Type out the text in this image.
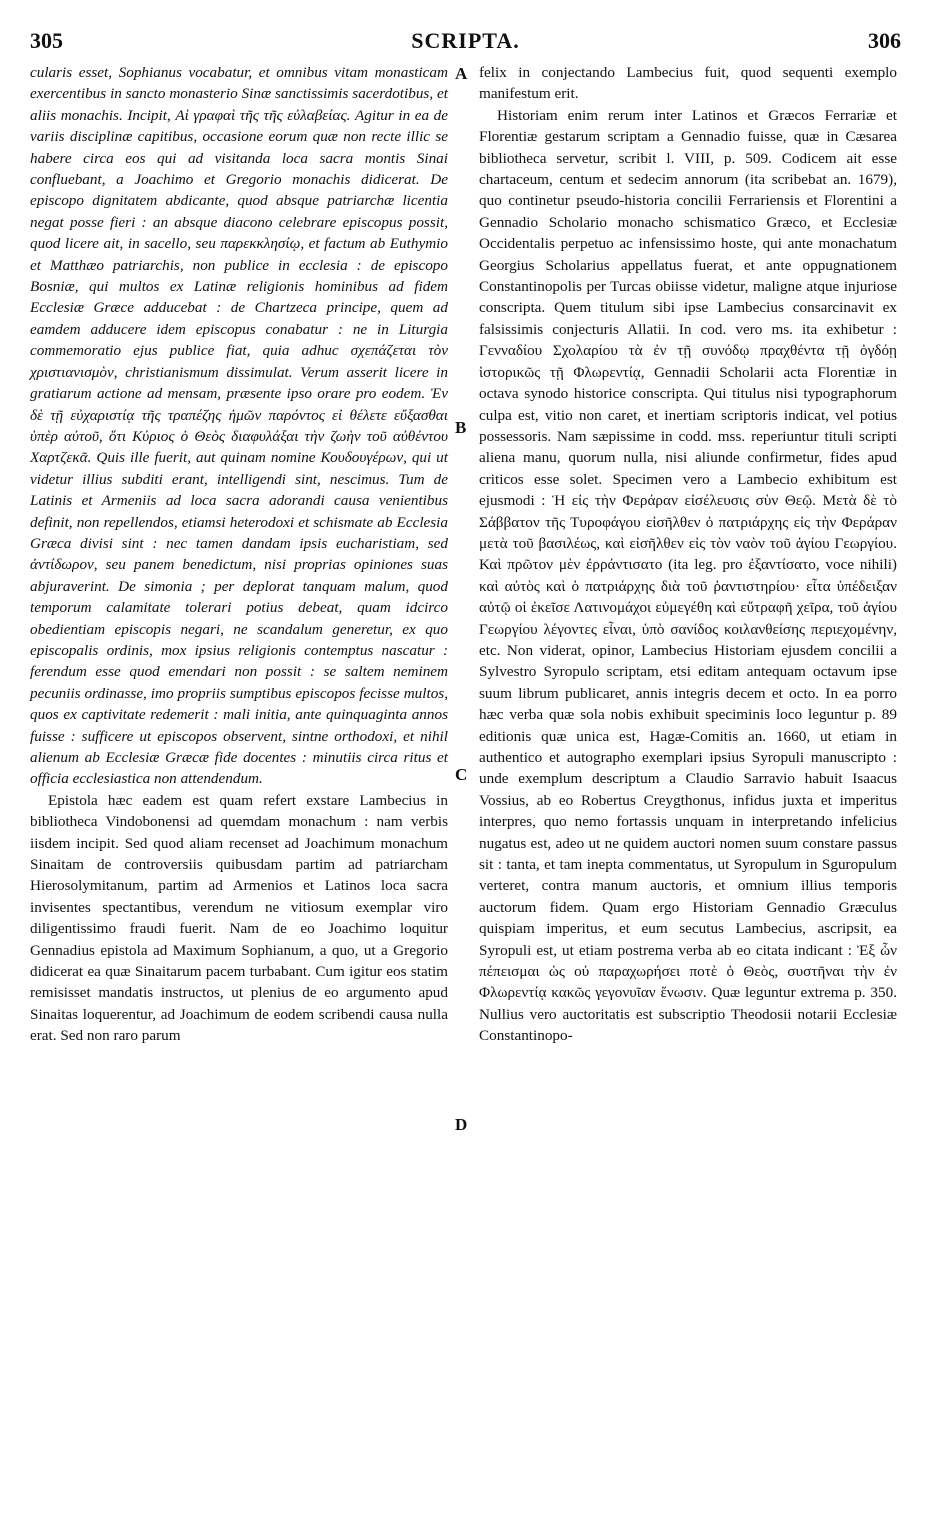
305	SCRIPTA.	306

cularis esset, Sophianus vocabatur, et omnibus vitam monasticam exercentibus in sancto monasterio Sinæ sanctissimis sacerdotibus, et aliis monachis. Incipit, Αἱ γραφαὶ τῆς τῆς εὐλαβείας. Agitur in ea de variis disciplinæ capitibus, occasione eorum quæ non recte illic se habere circa eos qui ad visitanda loca sacra montis Sinai confluebant, a Joachimo et Gregorio monachis didicerat. De episcopo dignitatem abdicante, quod absque patriarchæ licentia negat posse fieri : an absque diacono celebrare episcopus possit, quod licere ait, in sacello, seu παρεκκλησίῳ, et factum ab Euthymio et Matthæo patriarchis, non publice in ecclesia : de episcopo Bosniæ, qui multos ex Latinæ religionis hominibus ad fidem Ecclesiæ Græce adducebat : de Chartzeca principe, quem ad eamdem adducere idem episcopus conabatur : ne in Liturgia commemoratio ejus publice fiat, quia adhuc σχεπάζεται τὸν χριστιανισμὸν, christianismum dissimulat. Verum asserit licere in gratiarum actione ad mensam, præsente ipso orare pro eodem. Ἐν δὲ τῇ εὐχαριστίᾳ τῆς τραπέζης ἡμῶν παρόντος εἰ θέλετε εὔξασθαι ὑπὲρ αὐτοῦ, ὅτι Κύριος ὁ Θεὸς διαφυλάξαι τὴν ζωὴν τοῦ αὐθέντου Χαρτζεκᾶ. Quis ille fuerit, aut quinam nomine Κουδουγέρων, qui ut videtur illius subditi erant, intelligendi sint, nescimus. Tum de Latinis et Armeniis ad loca sacra adorandi causa venientibus definit, non repellendos, etiamsi heterodoxi et schismate ab Ecclesia Græca divisi sint : nec tamen dandam ipsis eucharistiam, sed ἀντίδωρον, seu panem benedictum, nisi proprias opiniones suas abjuraverint. De simonia ; per deplorat tanquam malum, quod temporum calamitate tolerari potius debeat, quam idcirco obedientiam episcopis negari, ne scandalum generetur, ex quo episcopalis ordinis, mox ipsius religionis contemptus nascatur : ferendum esse quod emendari non possit : se saltem neminem pecuniis ordinasse, imo propriis sumptibus episcopos fecisse multos, quos ex captivitate redemerit : mali initia, ante quinquaginta annos fuisse : sufficere ut episcopos observent, sintne orthodoxi, et nihil alienum ab Ecclesiæ Græcæ fide docentes : minutiis circa ritus et officia ecclesiastica non attendendum.

Epistola hæc eadem est quam refert exstare Lambecius in bibliotheca Vindobonensi ad quemdam monachum : nam verbis iisdem incipit. Sed quod aliam recenset ad Joachimum monachum Sinaitam de controversiis quibusdam partim ad patriarcham Hierosolymitanum, partim ad Armenios et Latinos loca sacra invisentes spectantibus, verendum ne vitiosum exemplar viro diligentissimo fraudi fuerit. Nam de eo Joachimo loquitur Gennadius epistola ad Maximum Sophianum, a quo, ut a Gregorio didicerat ea quæ Sinaitarum pacem turbabant. Cum igitur eos statim remisisset mandatis instructos, ut plenius de eo argumento apud Sinaitas loquerentur, ad Joachimum de eodem scribendi causa nulla erat. Sed non raro parum

A
B
C
D

felix in conjectando Lambecius fuit, quod sequenti exemplo manifestum erit.

Historiam enim rerum inter Latinos et Græcos Ferrariæ et Florentiæ gestarum scriptam a Gennadio fuisse, quæ in Cæsarea bibliotheca servetur, scribit l. VIII, p. 509. Codicem ait esse chartaceum, centum et sedecim annorum (ita scribebat an. 1679), quo continetur pseudo-historia concilii Ferrariensis et Florentini a Gennadio Scholario monacho schismatico Græco, et Ecclesiæ Occidentalis perpetuo ac infensissimo hoste, qui ante monachatum Georgius Scholarius appellatus fuerat, et ante oppugnationem Constantinopolis per Turcas obiisse videtur, maligne atque injuriose conscripta. Quem titulum sibi ipse Lambecius consarcinavit ex falsissimis conjecturis Allatii. In cod. vero ms. ita exhibetur : Γενναδίου Σχολαρίου τὰ ἐν τῇ συνόδῳ πραχθέντα τῇ ὀγδόῃ ἱστορικῶς τῇ Φλωρεντίᾳ, Gennadii Scholarii acta Florentiæ in octava synodo historice conscripta. Qui titulus nisi typographorum culpa est, vitio non caret, et inertiam scriptoris indicat, vel potius possessoris. Nam sæpissime in codd. mss. reperiuntur tituli scripti aliena manu, quorum nulla, nisi aliunde confirmetur, fides apud criticos esse solet. Specimen vero a Lambecio exhibitum est ejusmodi : Ἡ εἰς τὴν Φεράραν εἰσέλευσις σὺν Θεῷ. Μετὰ δὲ τὸ Σάββατον τῆς Τυροφάγου εἰσῆλθεν ὁ πατριάρχης εἰς τὴν Φεράραν μετὰ τοῦ βασιλέως, καὶ εἰσῆλθεν εἰς τὸν ναὸν τοῦ ἁγίου Γεωργίου. Καὶ πρῶτον μὲν ἐρράντισατο (ita leg. pro ἐξαντίσατο, voce nihili) καὶ αὐτὸς καὶ ὁ πατριάρχης διὰ τοῦ ῥαντιστηρίου· εἶτα ὑπέδειξαν αὐτῷ οἱ ἐκεῖσε Λατινομάχοι εὐμεγέθη καὶ εὔτραφῆ χεῖρα, τοῦ ἁγίου Γεωργίου λέγοντες εἶναι, ὑπὸ σανίδος κοιλανθείσης περιεχομένην, etc. Non viderat, opinor, Lambecius Historiam ejusdem concilii a Sylvestro Syropulo scriptam, etsi editam antequam octavum ipse suum librum publicaret, annis integris decem et octo. In ea porro hæc verba quæ sola nobis exhibuit speciminis loco leguntur p. 89 editionis quæ unica est, Hagæ-Comitis an. 1660, ut etiam in authentico et autographo exemplari ipsius Syropuli manuscripto : unde exemplum descriptum a Claudio Sarravio habuit Isaacus Vossius, ab eo Robertus Creygthonus, infidus juxta et imperitus interpres, quo nemo fortassis unquam in interpretando infelicius nugatus est, adeo ut ne quidem auctori nomen suum constare passus sit : tanta, et tam inepta commentatus, ut Syropulum in Sguropulum verteret, contra manum auctoris, et omnium illius temporis auctorum fidem. Quam ergo Historiam Gennadio Græculus quispiam imperitus, et eum secutus Lambecius, ascripsit, ea Syropuli est, ut etiam postrema verba ab eo citata indicant : Ἐξ ὧν πέπεισμαι ὡς οὐ παραχωρήσει ποτὲ ὁ Θεὸς, συστῆναι τὴν ἐν Φλωρεντίᾳ κακῶς γεγονυῖαν ἕνωσιν. Quæ leguntur extrema p. 350. Nullius vero auctoritatis est subscriptio Theodosii notarii Ecclesiæ Constantinopo-
